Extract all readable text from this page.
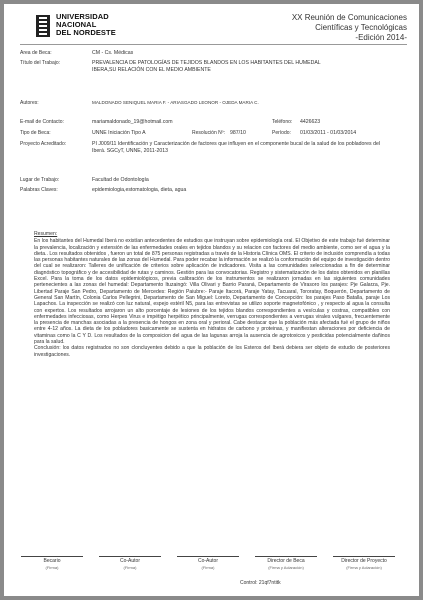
UNIVERSIDAD
NACIONAL
DEL NORDESTE
XX Reunión de Comunicaciones
Científicas y Tecnológicas
-Edición 2014-
Area de Beca:	CM - Cs. Médicas
Título del Trabajo:	PREVALENCIA DE PATOLOGÍAS DE TEJIDOS BLANDOS EN LOS HABITANTES DEL HUMEDAL IBERA,SU RELACIÓN CON EL MEDIO AMBIENTE
Autores:	MALDONADO SENIQUEL MARIA F. - ARIASGADO LEONOR - OJEDA MARIA C.
E-mail de Contacto:	mariamaldonado_19@hotmail.com	Teléfono: 4426623
Tipo de Beca:	UNNE Iniciación Tipo A	Resolución Nº: 987/10	Período: 01/03/2011 - 01/03/2014
Proyecto Acreditado:	PI J009/11 Identificación y Caracterización de factores que influyen en el componente bucal de la salud de los pobladores del Iberá. SGCyT, UNNE, 2011-2013
Lugar de Trabajo:	Facultad de Odontología
Palabras Claves:	epidemiologia,estomatologia, dieta, agua
Resumen:

En los habitantes del Humedal Iberá no existían antecedentes de estudios que instruyan sobre epidemiología oral. El Objetivo de este trabajo fué determinar la prevalencia, localización y extensión de las enfermedades orales en tejidos blandos y su relacion con factores del medio ambiente, como ser el agua y la dieta.. Los resultados obtenidos , fueron un total de 875 personas registradas a través de la Historia Clínica OMS. El criterio de inclusión comprendía a todas las personas habitantes naturales de las zonas del Humedal. Para poder recabar la información se realizó la conformación del equipo de investigación dentro del cual se realizaron: Talleres de unificación de criterios sobre aplicación de indicadores. Visita a las comunidades seleccionadas a fin de determinar diagnóstico topográfico y de accesibilidad de rutas y caminos. Gestión para las convocatorias. Registro y sistematización de los datos obtenidos en planillas Excel. Para la toma de los datos epidemiológicos, previa calibración de los instrumentos se realizaron jornadas en las siguientes comunidades pertenecientes a las zonas del humedal: Departamento Ituzaingó: Villa Olivari y Barrio Paraná, Departamento de Virasoro los parajes: Pje Galarza, Pje. Libertad Paraje San Pedro, Departamento de Mercedes: Región Paiubre:- Paraje Itacorá, Paraje Yatay, Tacuaral, Tororatay, Boquerón, Departamento de General San Martín, Colonia Carlos Pellegrini, Departamento de San Miguel: Loreto, Departamento de Concepción: los parajes Paso Batalla, paraje Los Lapachos. La inspección se realizó con luz natural, espejo estéril N5, para las entrevistas se utilizo soporte magnetofónico , y respecto al agua la consulta con expertos. Los resultados arrojaron un alto porcentaje de lesiones de los tejidos blandos correspondientes a vesículas y costras, compatibles con enfermedades infecciosas, como Herpes Virus e impétigo herpético principalmente, verrugas correspondientes a verrugas virales vulgares, frecuentemente la presencia de manchas asociadas a la presencia de hongos en zona oral y perioral. Cabe destacar que la población más afectada fué el grupo de niños entre 4-12 años. La dieta de los pobladores basicamente se sustenta en hidratos de carbono y proteinas, y manifiestan alteraciones por deficiencia de vitaminas como la C Y D. Los resultados de la composicion del agua de las lagunas arroja la ausencia de agrotoxicos y pesticidas potencialmente dañinos para la salud.

Conclusión: los datos registrados no son cloncluyentes debido a que la población de los Esteros del Iberá debiera ser objeto de estudio de posteriores investigaciones.

Becario
(Firma)
Co-Autor
(Firma)
Co-Autor
(Firma)
Director de Beca
(Firma y Aclaración)
Director de Proyecto
(Firma y Aclaración)
Control: 21qf7ntitk
